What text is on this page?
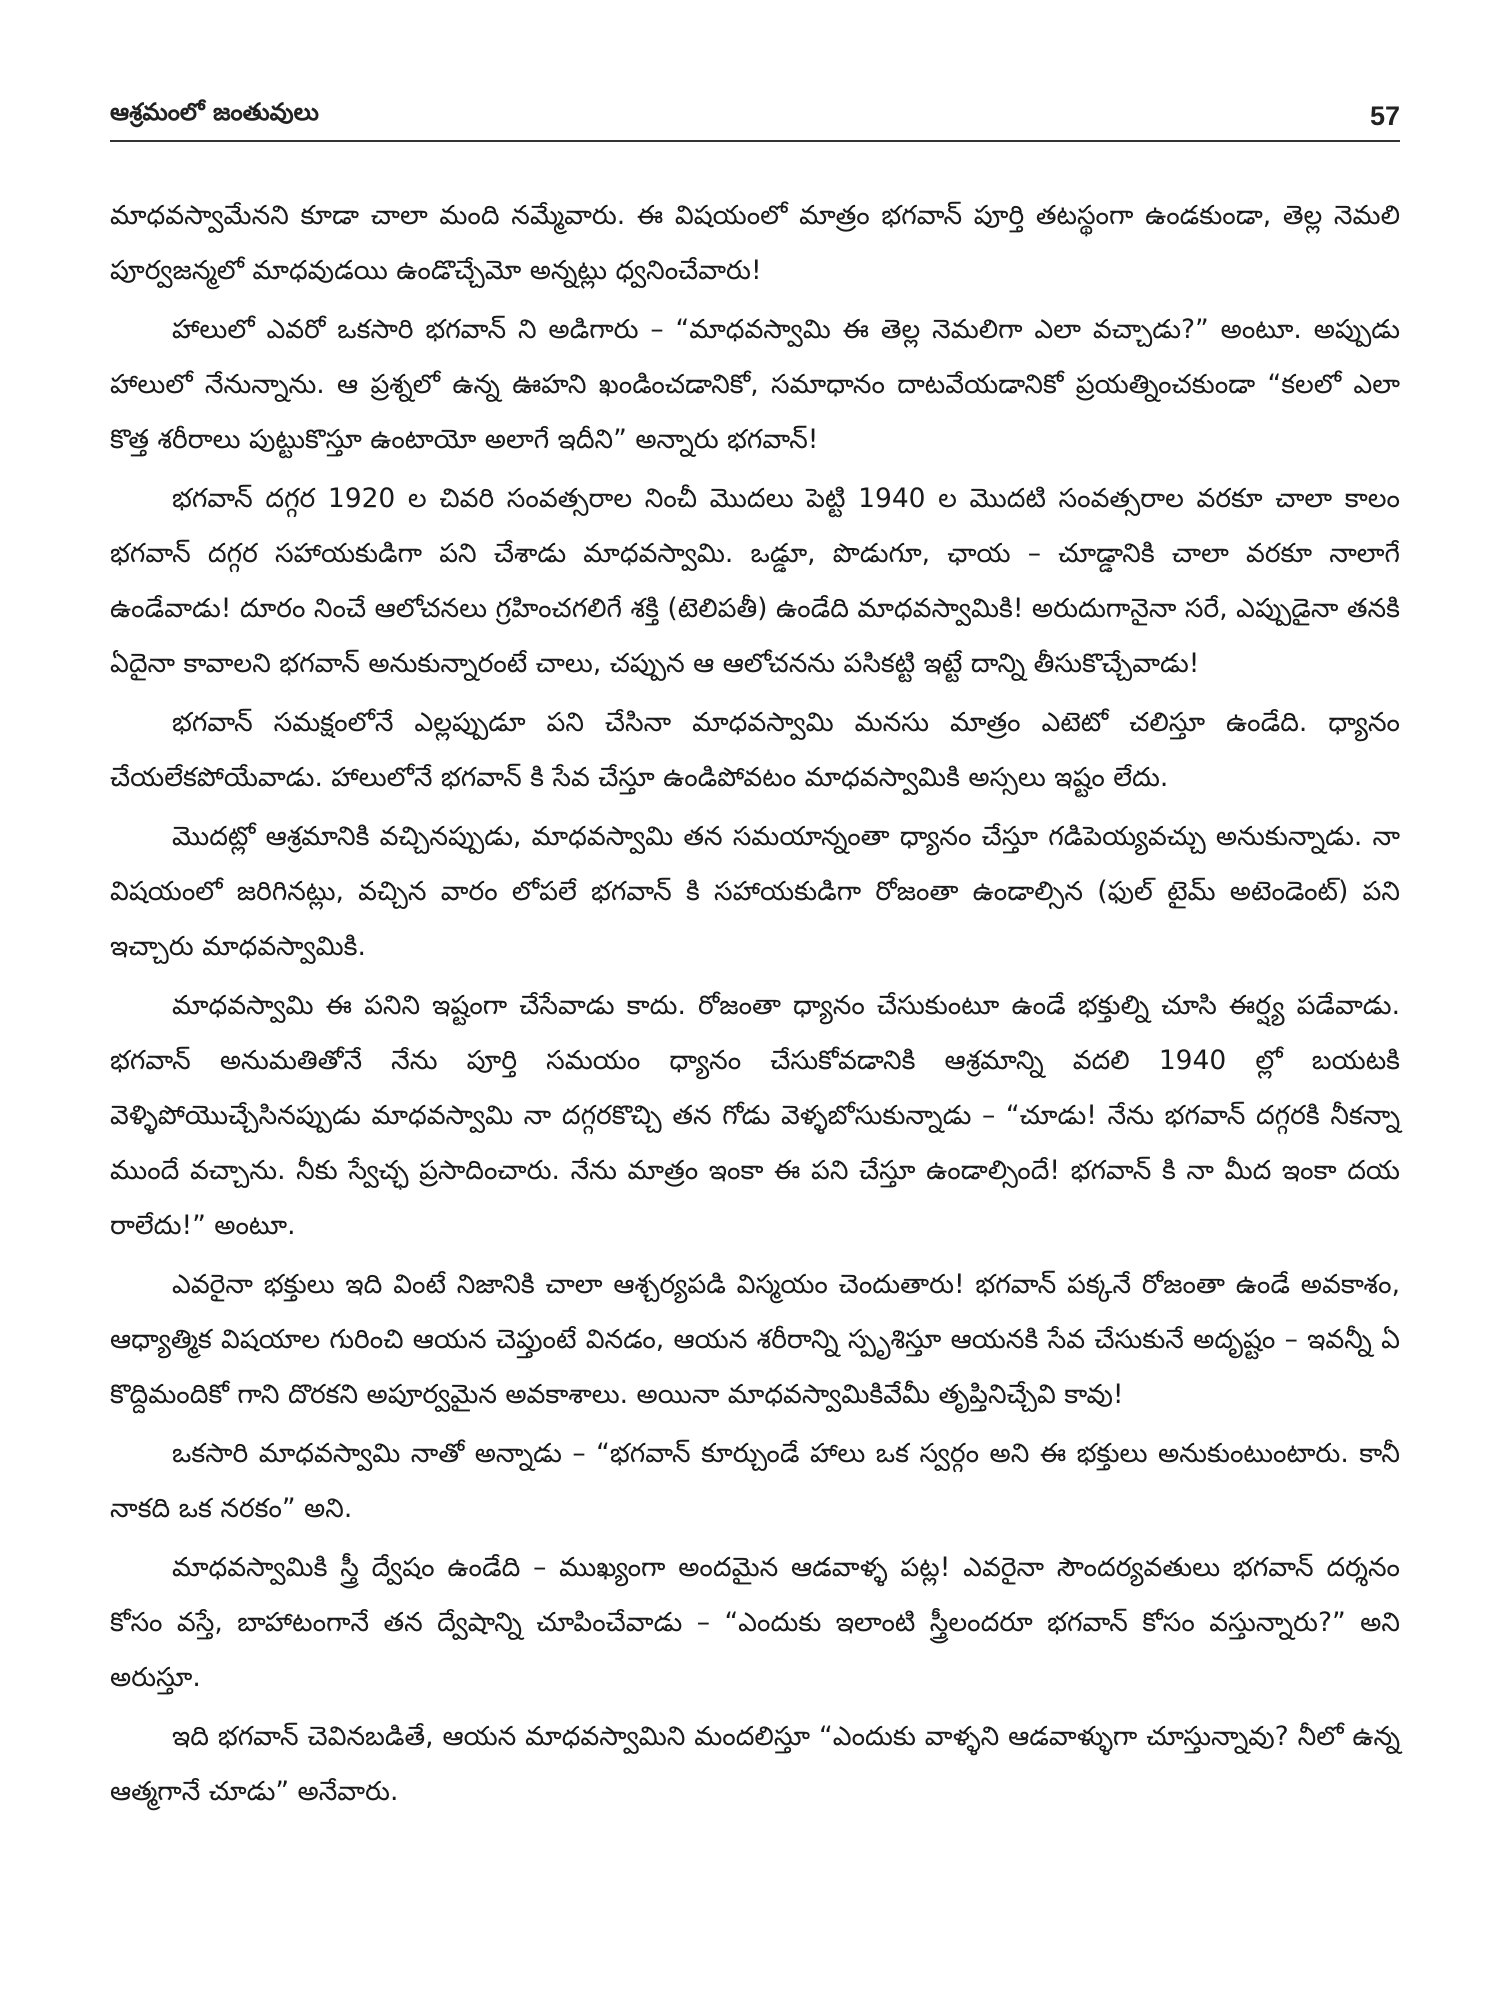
ఆశ్రమంలో జంతువులు	57

మాధవస్వామేనని కూడా చాలా మంది నమ్మేవారు. ఈ విషయంలో మాత్రం భగవాన్ పూర్తి తటస్థంగా ఉండకుండా, తెల్ల నెమలి పూర్వజన్మలో మాధవుడయి ఉండొచ్చేమో అన్నట్లు ధ్వనించేవారు!

హాలులో ఎవరో ఒకసారి భగవాన్ ని అడిగారు – “మాధవస్వామి ఈ తెల్ల నెమలిగా ఎలా వచ్చాడు?” అంటూ. అప్పుడు హాలులో నేనున్నాను. ఆ ప్రశ్నలో ఉన్న ఊహని ఖండించడానికో, సమాధానం దాటవేయడానికో ప్రయత్నించకుండా “కలలో ఎలా కొత్త శరీరాలు పుట్టుకొస్తూ ఉంటాయో అలాగే ఇదీని” అన్నారు భగవాన్!

భగవాన్ దగ్గర 1920 ల చివరి సంవత్సరాల నించీ మొదలు పెట్టి 1940 ల మొదటి సంవత్సరాల వరకూ చాలా కాలం భగవాన్ దగ్గర సహాయకుడిగా పని చేశాడు మాధవస్వామి. ఒడ్డూ, పొడుగూ, ఛాయ – చూడ్డానికి చాలా వరకూ నాలాగే ఉండేవాడు! దూరం నించే ఆలోచనలు గ్రహించగలిగే శక్తి (టెలిపతీ) ఉండేది మాధవస్వామికి! అరుదుగానైనా సరే, ఎప్పుడైనా తనకి ఏదైనా కావాలని భగవాన్ అనుకున్నారంటే చాలు, చప్పున ఆ ఆలోచనను పసికట్టి ఇట్టే దాన్ని తీసుకొచ్చేవాడు!

భగవాన్ సమక్షంలోనే ఎల్లప్పుడూ పని చేసినా మాధవస్వామి మనసు మాత్రం ఎటెటో చలిస్తూ ఉండేది. ధ్యానం చేయలేకపోయేవాడు. హాలులోనే భగవాన్ కి సేవ చేస్తూ ఉండిపోవటం మాధవస్వామికి అస్సలు ఇష్టం లేదు.

మొదట్లో ఆశ్రమానికి వచ్చినప్పుడు, మాధవస్వామి తన సమయాన్నంతా ధ్యానం చేస్తూ గడిపెయ్యవచ్చు అనుకున్నాడు. నా విషయంలో జరిగినట్లు, వచ్చిన వారం లోపలే భగవాన్ కి సహాయకుడిగా రోజంతా ఉండాల్సిన (ఫుల్ టైమ్ అటెండెంట్) పని ఇచ్చారు మాధవస్వామికి.

మాధవస్వామి ఈ పనిని ఇష్టంగా చేసేవాడు కాదు. రోజంతా ధ్యానం చేసుకుంటూ ఉండే భక్తుల్ని చూసి ఈర్ష్య పడేవాడు. భగవాన్ అనుమతితోనే నేను పూర్తి సమయం ధ్యానం చేసుకోవడానికి ఆశ్రమాన్ని వదలి 1940 ల్లో బయటకి వెళ్ళిపోయొచ్చేసినప్పుడు మాధవస్వామి నా దగ్గరకొచ్చి తన గోడు వెళ్ళబోసుకున్నాడు – “చూడు! నేను భగవాన్ దగ్గరకి నీకన్నా ముందే వచ్చాను. నీకు స్వేచ్ఛ ప్రసాదించారు. నేను మాత్రం ఇంకా ఈ పని చేస్తూ ఉండాల్సిందే! భగవాన్ కి నా మీద ఇంకా దయ రాలేదు!” అంటూ.

ఎవరైనా భక్తులు ఇది వింటే నిజానికి చాలా ఆశ్చర్యపడి విస్మయం చెందుతారు! భగవాన్ పక్కనే రోజంతా ఉండే అవకాశం, ఆధ్యాత్మిక విషయాల గురించి ఆయన చెప్తుంటే వినడం, ఆయన శరీరాన్ని స్పృశిస్తూ ఆయనకి సేవ చేసుకునే అదృష్టం – ఇవన్నీ ఏ కొద్దిమందికో గాని దొరకని అపూర్వమైన అవకాశాలు. అయినా మాధవస్వామికివేమీ తృప్తినిచ్చేవి కావు!

ఒకసారి మాధవస్వామి నాతో అన్నాడు – “భగవాన్ కూర్చుండే హాలు ఒక స్వర్గం అని ఈ భక్తులు అనుకుంటుంటారు. కానీ నాకది ఒక నరకం” అని.

మాధవస్వామికి స్త్రీ ద్వేషం ఉండేది – ముఖ్యంగా అందమైన ఆడవాళ్ళ పట్ల! ఎవరైనా సౌందర్యవతులు భగవాన్ దర్శనం కోసం వస్తే, బాహాటంగానే తన ద్వేషాన్ని చూపించేవాడు – “ఎందుకు ఇలాంటి స్త్రీలందరూ భగవాన్ కోసం వస్తున్నారు?” అని అరుస్తూ.

ఇది భగవాన్ చెవినబడితే, ఆయన మాధవస్వామిని మందలిస్తూ “ఎందుకు వాళ్ళని ఆడవాళ్ళుగా చూస్తున్నావు? నీలో ఉన్న ఆత్మగానే చూడు” అనేవారు.
